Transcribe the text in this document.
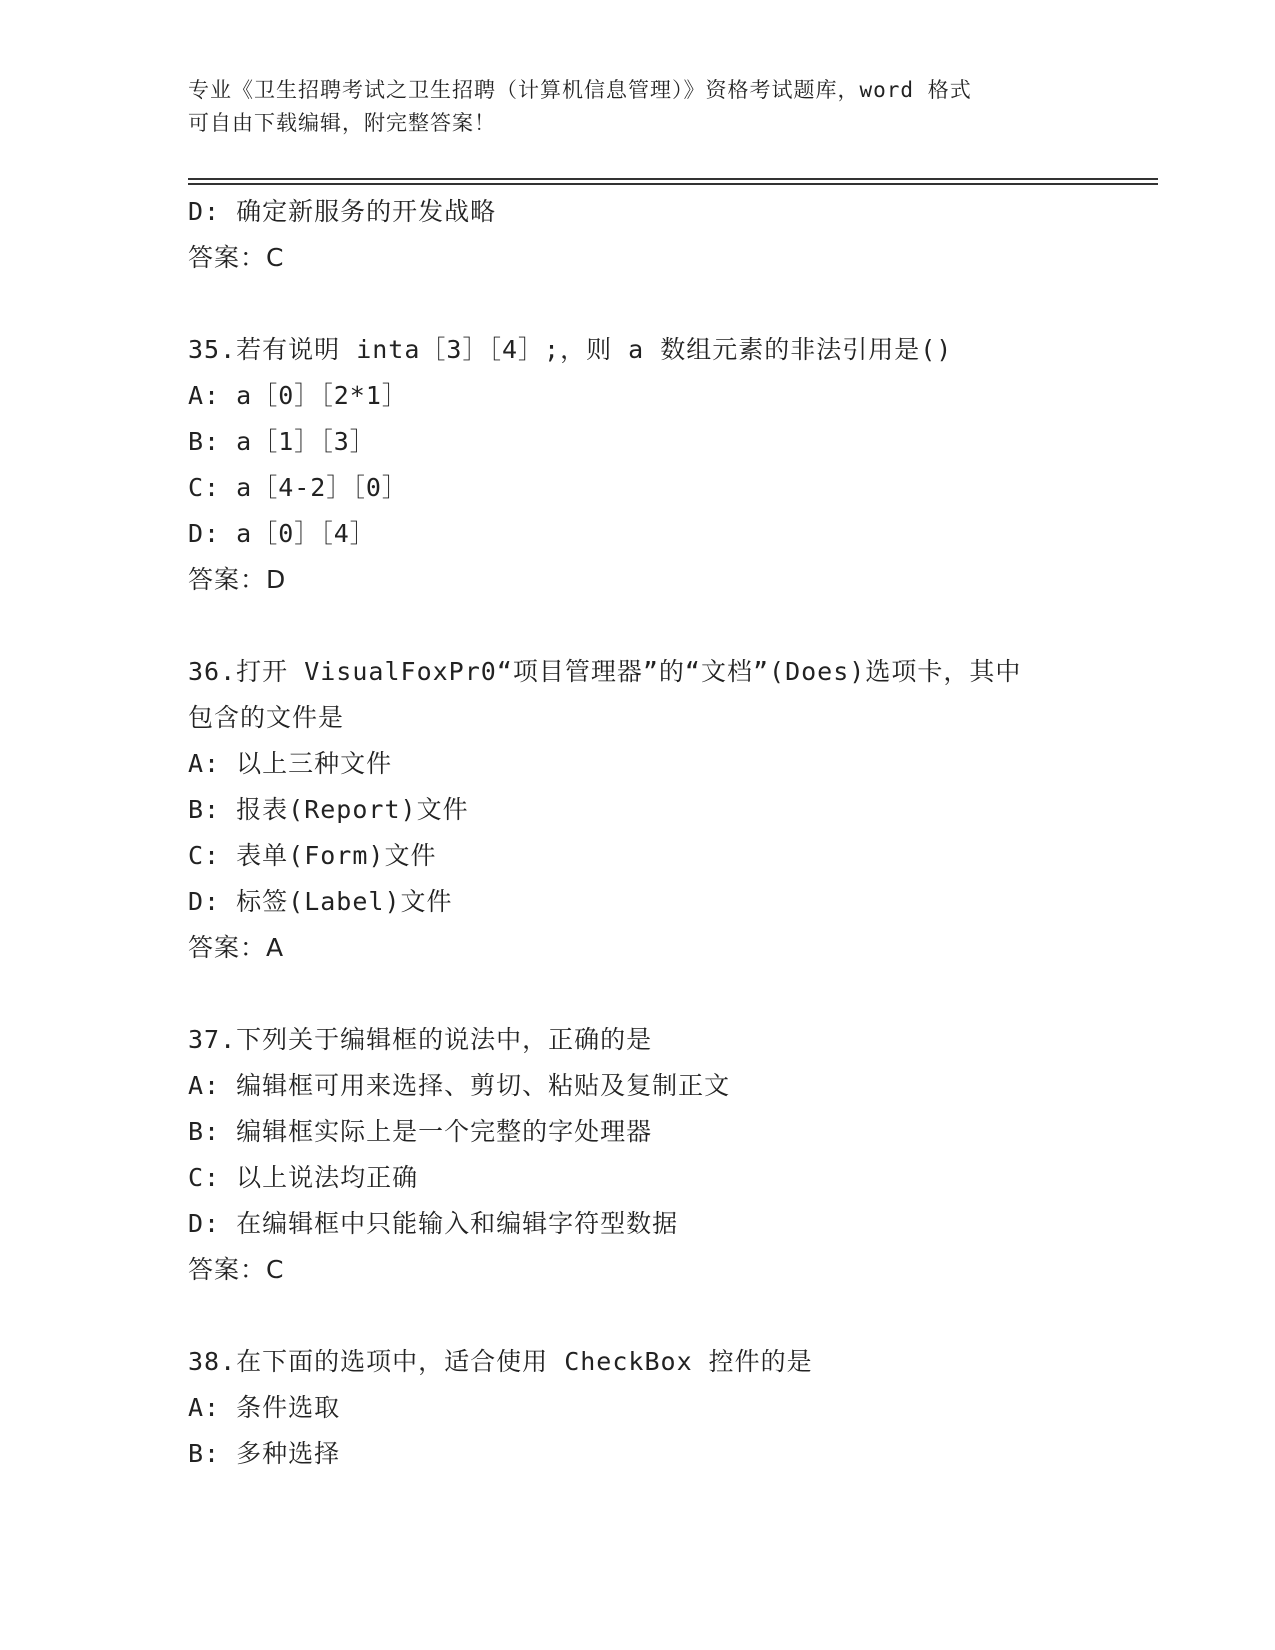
专业《卫生招聘考试之卫生招聘（计算机信息管理）》资格考试题库，word 格式
可自由下载编辑，附完整答案！
D: 确定新服务的开发战略
答案：C
35.若有说明 inta［3］［4］;，则 a 数组元素的非法引用是()
A: a［0］［2*1］
B: a［1］［3］
C: a［4-2］［0］
D: a［0］［4］
答案：D
36.打开 VisualFoxPr0“项目管理器”的“文档”(Does)选项卡，其中
包含的文件是
A: 以上三种文件
B: 报表(Report)文件
C: 表单(Form)文件
D: 标签(Label)文件
答案：A
37.下列关于编辑框的说法中，正确的是
A: 编辑框可用来选择、剪切、粘贴及复制正文
B: 编辑框实际上是一个完整的字处理器
C: 以上说法均正确
D: 在编辑框中只能输入和编辑字符型数据
答案：C
38.在下面的选项中，适合使用 CheckBox 控件的是
A: 条件选取
B: 多种选择
